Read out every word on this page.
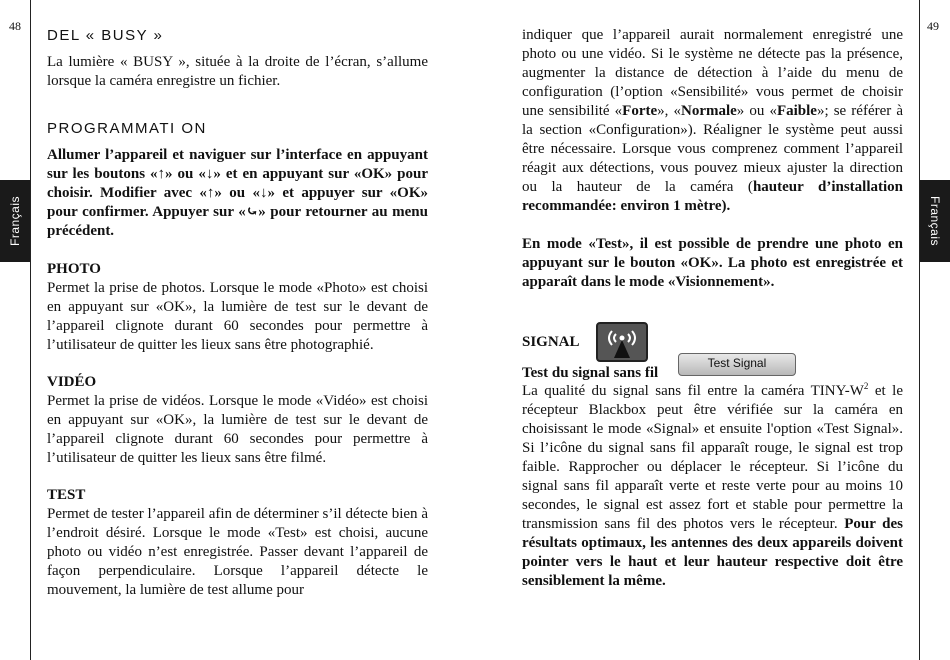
48
Français
49
Français
DEL « BUSY »

La lumière « BUSY », située à la droite de l’écran, s’allume lorsque la caméra enregistre un fichier.

PROGRAMMATI ON

Allumer l’appareil et naviguer sur l’interface en appuyant sur les boutons «↑» ou «↓» et en appuyant sur «OK» pour choisir. Modifier avec «↑» ou «↓» et appuyer sur «OK» pour confirmer. Appuyer sur «⤿» pour retourner au menu précédent.

PHOTO

Permet la prise de photos. Lorsque le mode «Photo» est choisi en appuyant sur «OK», la lumière de test sur le devant de l’appareil clignote durant 60 secondes pour permettre à l’utilisateur de quitter les lieux sans être photographié.

VIDÉO

Permet la prise de vidéos. Lorsque le mode «Vidéo» est choisi en appuyant sur «OK», la lumière de test sur le devant de l’appareil clignote durant 60 secondes pour permettre à l’utilisateur de quitter les lieux sans être filmé.

TEST

Permet de tester l’appareil afin de déterminer s’il détecte bien à l’endroit désiré. Lorsque le mode «Test» est choisi, aucune photo ou vidéo n’est enregistrée. Passer devant l’appareil de façon perpendiculaire. Lorsque l’appareil détecte le mouvement, la lumière de test allume pour

indiquer que l’appareil aurait normalement enregistré une photo ou une vidéo. Si le système ne détecte pas la présence, augmenter la distance de détection à l’aide du menu de configuration (l’option «Sensibilité» vous permet de choisir une sensibilité «Forte», «Normale» ou «Faible»; se référer à la section «Configuration»). Réaligner le système peut aussi être nécessaire. Lorsque vous comprenez comment l’appareil réagit aux détections, vous pouvez mieux ajuster la direction ou la hauteur de la caméra (hauteur d’installation recommandée: environ 1 mètre).

En mode «Test», il est possible de prendre une photo en appuyant sur le bouton «OK». La photo est enregistrée et apparaît dans le mode «Visionnement».

SIGNAL
Test du signal sans fil Test Signal

La qualité du signal sans fil entre la caméra TINY-$W^2$ et le récepteur Blackbox peut être vérifiée sur la caméra en choisissant le mode «Signal» et ensuite l'option «Test Signal». Si l’icône du signal sans fil apparaît rouge, le signal est trop faible. Rapprocher ou déplacer le récepteur. Si l’icône du signal sans fil apparaît verte et reste verte pour au moins 10 secondes, le signal est assez fort et stable pour permettre la transmission sans fil des photos vers le récepteur. Pour des résultats optimaux, les antennes des deux appareils doivent pointer vers le haut et leur hauteur respective doit être sensiblement la même.
